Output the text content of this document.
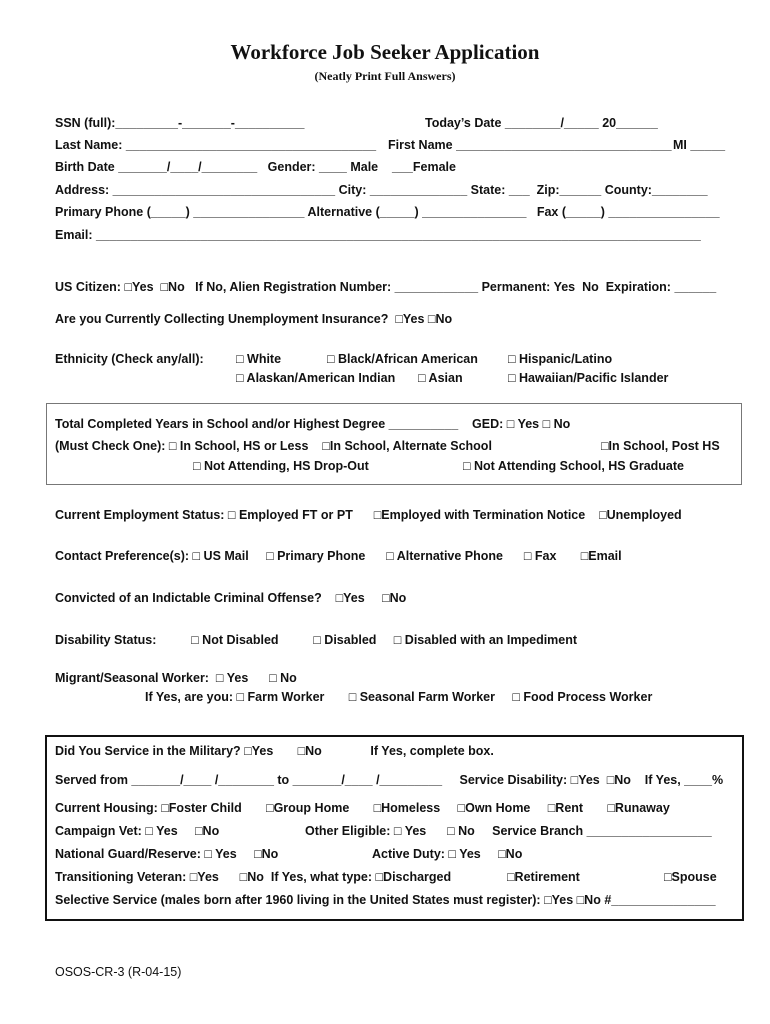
Workforce Job Seeker Application
(Neatly Print Full Answers)
SSN (full):_________-_______-__________	Today’s Date ________/_____ 20______
Last Name: ____________________________________ First Name _______________________________ MI _____
Birth Date _______/____/________   Gender: ____ Male    ___Female
Address: ________________________________ City: ______________ State: ___  Zip:______ County:________
Primary Phone (_____) ________________ Alternative (_____) _______________   Fax (_____) ________________
Email: _______________________________________________________________________________________
US Citizen: □Yes  □No   If No, Alien Registration Number: ____________ Permanent: Yes  No  Expiration: ______
Are you Currently Collecting Unemployment Insurance?  □Yes □No
Ethnicity (Check any/all):	□ White	□ Black/African American □ Hispanic/Latino
□ Alaskan/American Indian □ Asian	□ Hawaiian/Pacific Islander
Total Completed Years in School and/or Highest Degree __________    GED: □ Yes □ No
(Must Check One): □ In School, HS or Less    □In School, Alternate School	□In School, Post HS
□ Not Attending, HS Drop-Out	□ Not Attending School, HS Graduate
Current Employment Status: □ Employed FT or PT      □Employed with Termination Notice    □Unemployed
Contact Preference(s): □ US Mail     □ Primary Phone      □ Alternative Phone      □ Fax       □Email
Convicted of an Indictable Criminal Offense?    □Yes     □No
Disability Status:          □ Not Disabled          □ Disabled     □ Disabled with an Impediment
Migrant/Seasonal Worker:  □ Yes      □ No
If Yes, are you: □ Farm Worker       □ Seasonal Farm Worker     □ Food Process Worker
Did You Service in the Military? □Yes       □No              If Yes, complete box.
Served from _______/____ /________ to _______/____ /_________     Service Disability: □Yes  □No    If Yes, ____%
Current Housing: □Foster Child       □Group Home       □Homeless     □Own Home     □Rent       □Runaway
Campaign Vet: □ Yes     □No	Other Eligible: □ Yes      □ No     Service Branch __________________
National Guard/Reserve: □ Yes     □No	Active Duty: □ Yes     □No
Transitioning Veteran: □Yes      □No  If Yes, what type: □Discharged	□Retirement	□Spouse
Selective Service (males born after 1960 living in the United States must register): □Yes □No #_______________
OSOS-CR-3 (R-04-15)
